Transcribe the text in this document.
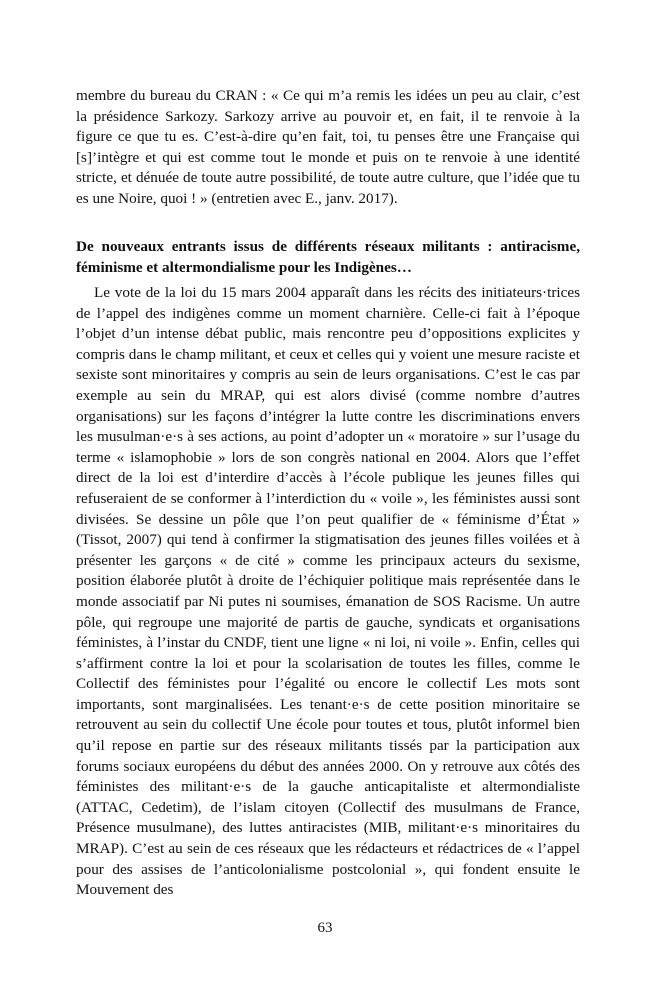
membre du bureau du CRAN : « Ce qui m’a remis les idées un peu au clair, c’est la présidence Sarkozy. Sarkozy arrive au pouvoir et, en fait, il te renvoie à la figure ce que tu es. C’est-à-dire qu’en fait, toi, tu penses être une Française qui [s]’intègre et qui est comme tout le monde et puis on te renvoie à une identité stricte, et dénuée de toute autre possibilité, de toute autre culture, que l’idée que tu es une Noire, quoi ! » (entretien avec E., janv. 2017).

De nouveaux entrants issus de différents réseaux militants : antiracisme, féminisme et altermondialisme pour les Indigènes…

Le vote de la loi du 15 mars 2004 apparaît dans les récits des initiateurs·trices de l’appel des indigènes comme un moment charnière. Celle-ci fait à l’époque l’objet d’un intense débat public, mais rencontre peu d’oppositions explicites y compris dans le champ militant, et ceux et celles qui y voient une mesure raciste et sexiste sont minoritaires y compris au sein de leurs organisations. C’est le cas par exemple au sein du MRAP, qui est alors divisé (comme nombre d’autres organisations) sur les façons d’intégrer la lutte contre les discriminations envers les musulman·e·s à ses actions, au point d’adopter un « moratoire » sur l’usage du terme « islamophobie » lors de son congrès national en 2004. Alors que l’effet direct de la loi est d’interdire d’accès à l’école publique les jeunes filles qui refuseraient de se conformer à l’interdiction du « voile », les féministes aussi sont divisées. Se dessine un pôle que l’on peut qualifier de « féminisme d’État » (Tissot, 2007) qui tend à confirmer la stigmatisation des jeunes filles voilées et à présenter les garçons « de cité » comme les principaux acteurs du sexisme, position élaborée plutôt à droite de l’échiquier politique mais représentée dans le monde associatif par Ni putes ni soumises, émanation de SOS Racisme. Un autre pôle, qui regroupe une majorité de partis de gauche, syndicats et organisations féministes, à l’instar du CNDF, tient une ligne « ni loi, ni voile ». Enfin, celles qui s’affirment contre la loi et pour la scolarisation de toutes les filles, comme le Collectif des féministes pour l’égalité ou encore le collectif Les mots sont importants, sont marginalisées. Les tenant·e·s de cette position minoritaire se retrouvent au sein du collectif Une école pour toutes et tous, plutôt informel bien qu’il repose en partie sur des réseaux militants tissés par la participation aux forums sociaux européens du début des années 2000. On y retrouve aux côtés des féministes des militant·e·s de la gauche anticapitaliste et altermondialiste (ATTAC, Cedetim), de l’islam citoyen (Collectif des musulmans de France, Présence musulmane), des luttes antiracistes (MIB, militant·e·s minoritaires du MRAP). C’est au sein de ces réseaux que les rédacteurs et rédactrices de « l’appel pour des assises de l’anticolonialisme postcolonial », qui fondent ensuite le Mouvement des

63
